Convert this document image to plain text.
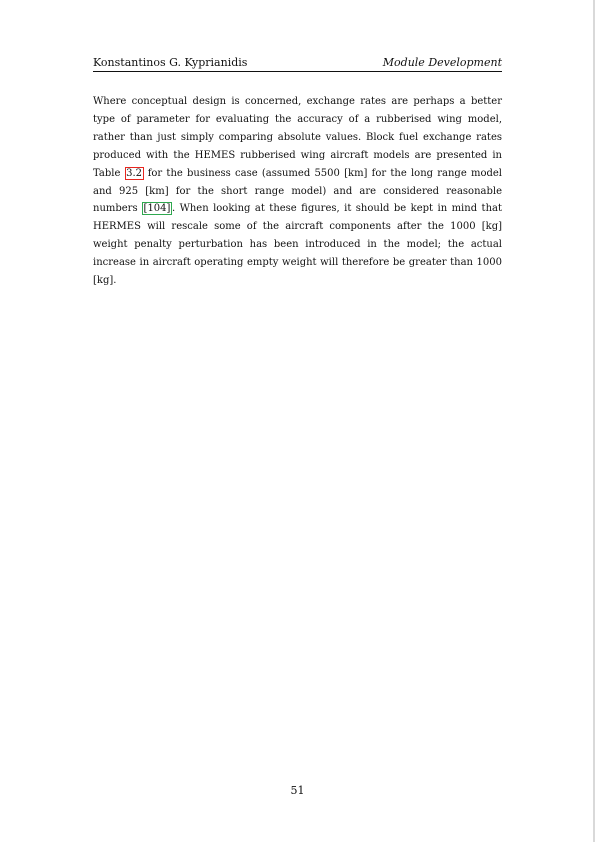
Konstantinos G. Kyprianidis	Module Development

Where conceptual design is concerned, exchange rates are perhaps a better type of parameter for evaluating the accuracy of a rubberised wing model, rather than just simply comparing absolute values. Block fuel exchange rates produced with the HEMES rubberised wing aircraft models are presented in Table 3.2 for the business case (assumed 5500 [km] for the long range model and 925 [km] for the short range model) and are considered reasonable numbers [104] . When looking at these figures, it should be kept in mind that HERMES will rescale some of the aircraft components after the 1000 [kg] weight penalty perturbation has been introduced in the model; the actual increase in aircraft operating empty weight will therefore be greater than 1000 [kg].

51
